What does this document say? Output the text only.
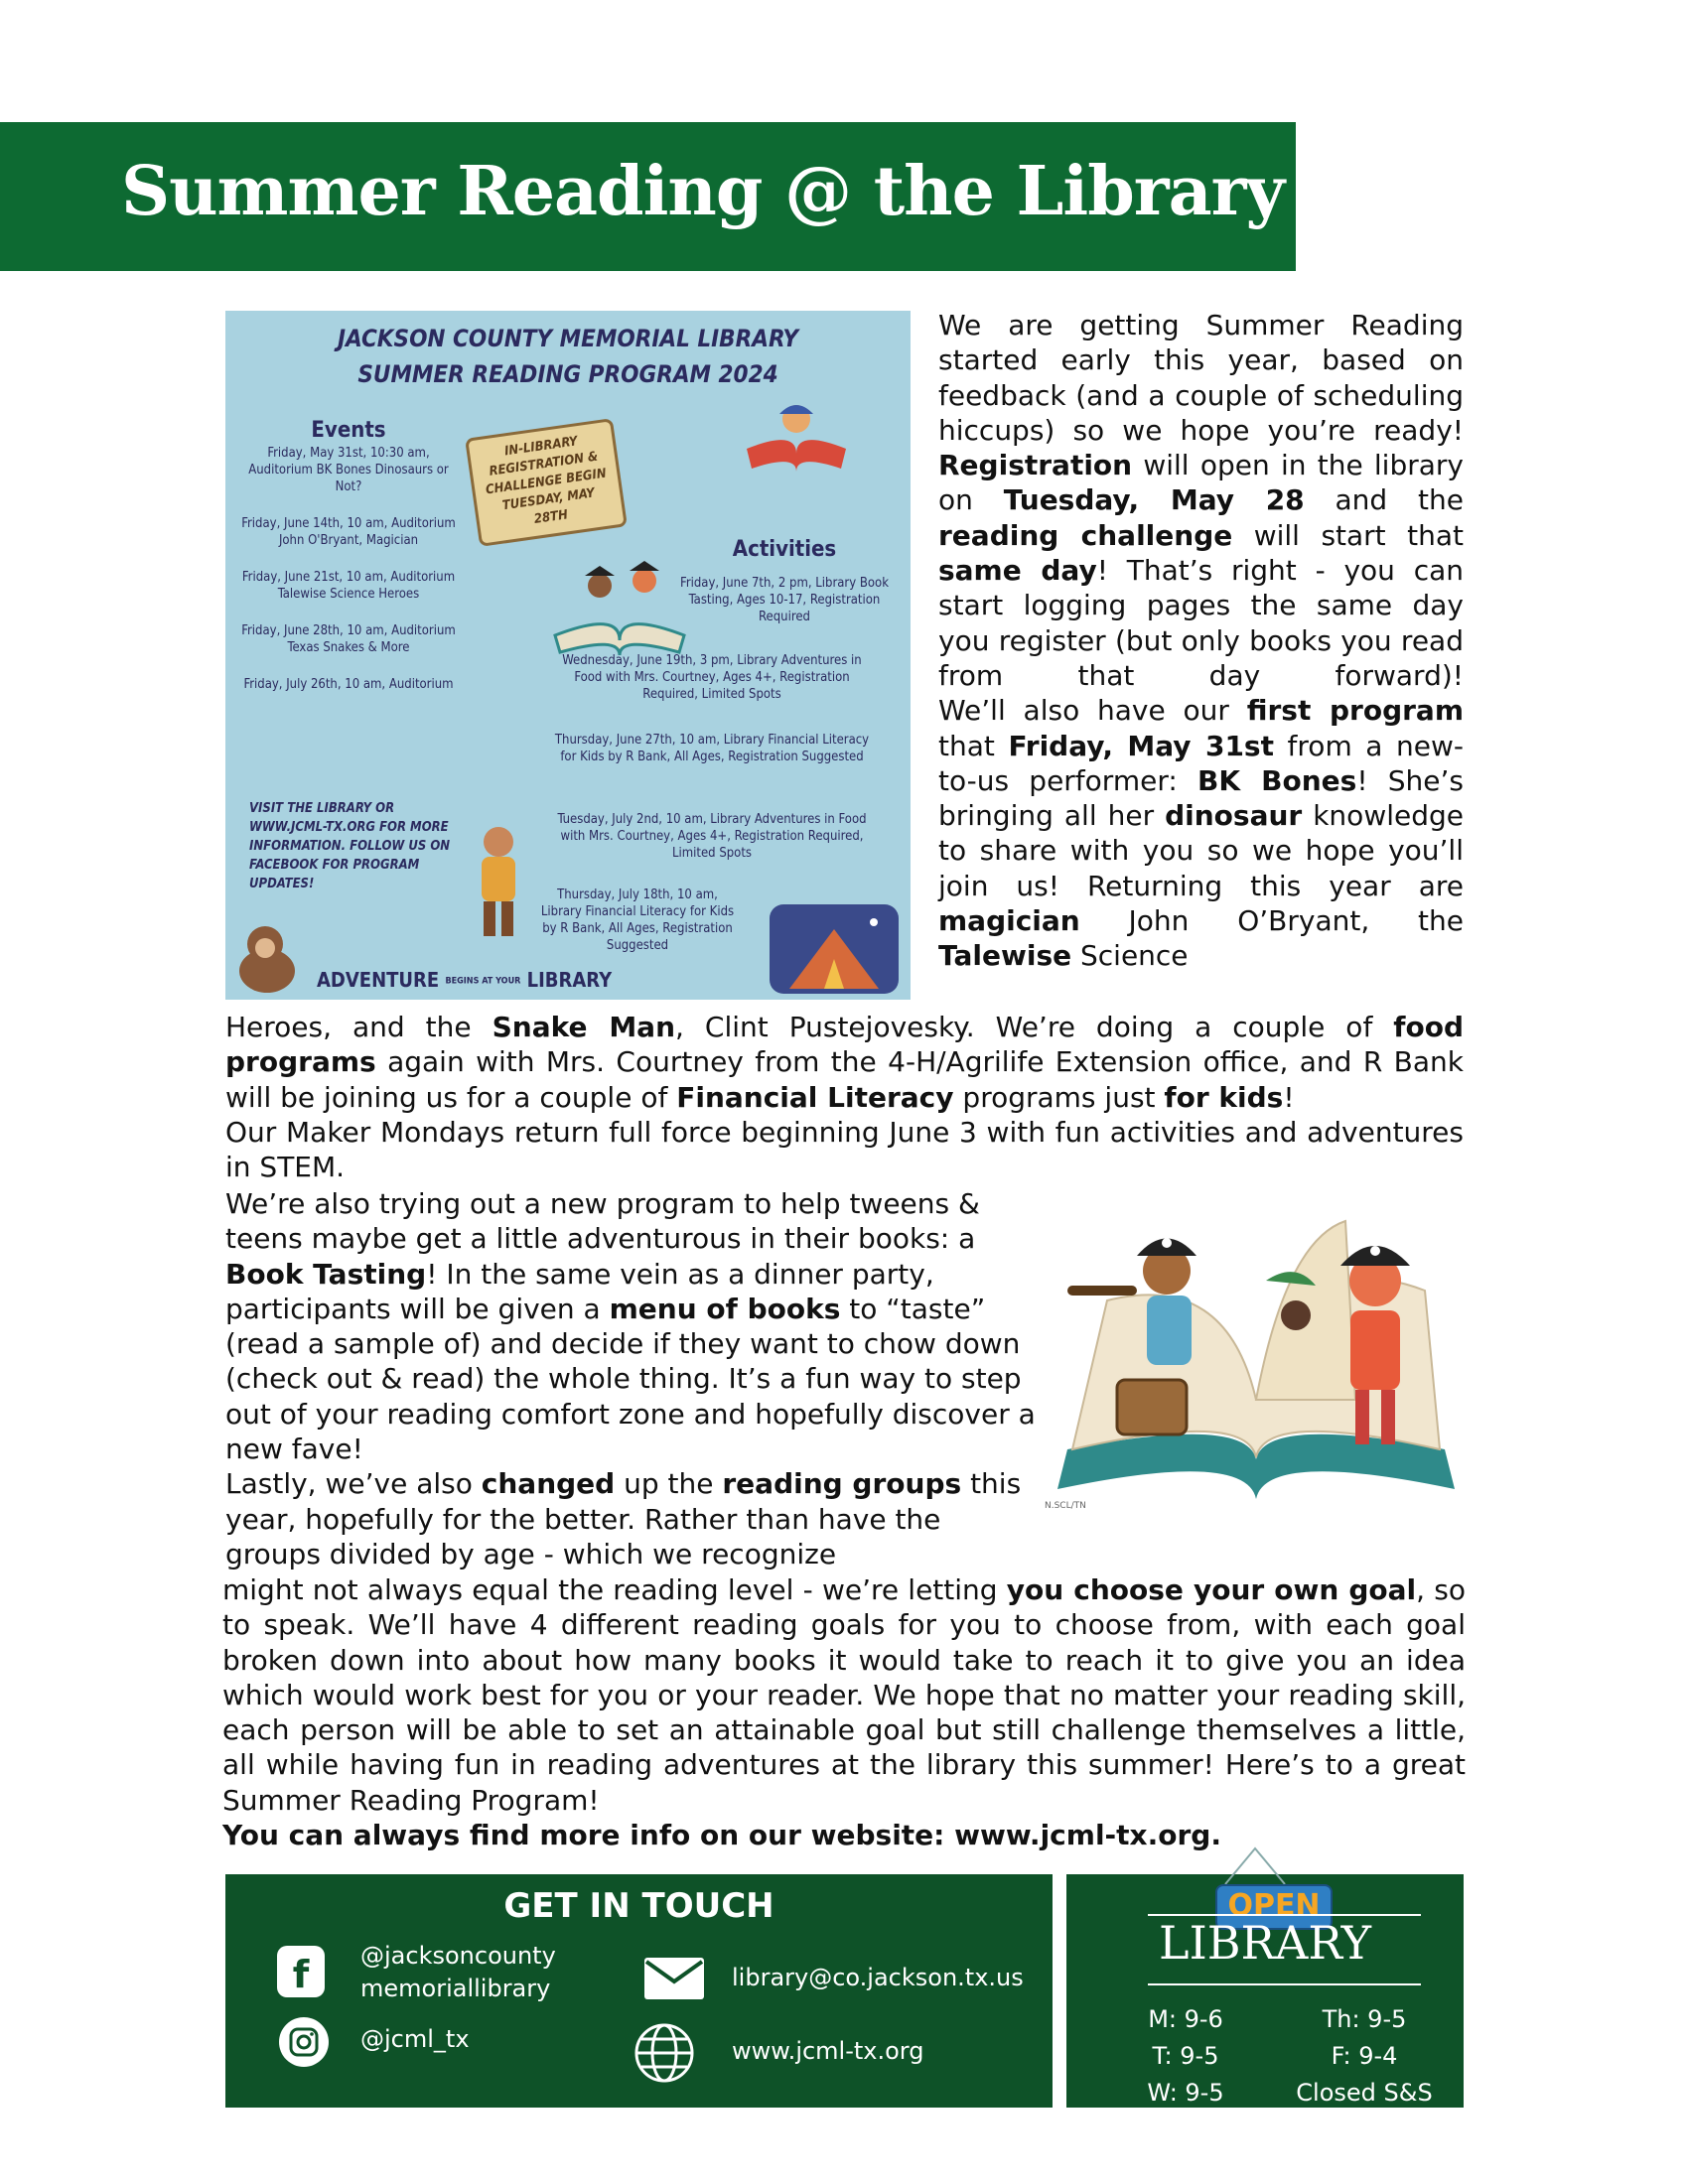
Summer Reading @ the Library
JACKSON COUNTY MEMORIAL LIBRARY
SUMMER READING PROGRAM 2024
Events

Friday, May 31st, 10:30 am, Auditorium BK Bones Dinosaurs or Not?

Friday, June 14th, 10 am, Auditorium John O'Bryant, Magician

Friday, June 21st, 10 am, Auditorium Talewise Science Heroes

Friday, June 28th, 10 am, Auditorium Texas Snakes & More

Friday, July 26th, 10 am, Auditorium

IN-LIBRARY REGISTRATION & CHALLENGE BEGIN TUESDAY, MAY 28TH
Activities
Friday, June 7th, 2 pm, Library Book Tasting, Ages 10-17, Registration Required
Wednesday, June 19th, 3 pm, Library Adventures in Food with Mrs. Courtney, Ages 4+, Registration Required, Limited Spots
Thursday, June 27th, 10 am, Library Financial Literacy for Kids by R Bank, All Ages, Registration Suggested
Tuesday, July 2nd, 10 am, Library Adventures in Food with Mrs. Courtney, Ages 4+, Registration Required, Limited Spots
Thursday, July 18th, 10 am, Library Financial Literacy for Kids by R Bank, All Ages, Registration Suggested
VISIT THE LIBRARY OR WWW.JCML-TX.ORG FOR MORE INFORMATION. FOLLOW US ON FACEBOOK FOR PROGRAM UPDATES!
ADVENTURE BEGINS AT YOUR LIBRARY

We are getting Summer Reading started early this year, based on feedback (and a couple of scheduling hiccups) so we hope you’re ready!

Registration will open in the library on Tuesday, May 28 and the reading challenge will start that same day! That’s right - you can start logging pages the same day you register (but only books you read from that day forward)!

We’ll also have our first program that Friday, May 31st from a new-to-us performer: BK Bones! She’s bringing all her dinosaur knowledge to share with you so we hope you’ll join us! Returning this year are magician John O’Bryant, the Talewise Science

Heroes, and the Snake Man, Clint Pustejovesky. We’re doing a couple of food programs again with Mrs. Courtney from the 4-H/Agrilife Extension office, and R Bank will be joining us for a couple of Financial Literacy programs just for kids!

Our Maker Mondays return full force beginning June 3 with fun activities and adventures in STEM.

We’re also trying out a new program to help tweens & teens maybe get a little adventurous in their books: a Book Tasting! In the same vein as a dinner party, participants will be given a menu of books to “taste” (read a sample of) and decide if they want to chow down (check out & read) the whole thing. It’s a fun way to step out of your reading comfort zone and hopefully discover a new fave!

Lastly, we’ve also changed up the reading groups this year, hopefully for the better. Rather than have the groups divided by age - which we recognize

N.SCL/TN

might not always equal the reading level - we’re letting you choose your own goal, so to speak. We’ll have 4 different reading goals for you to choose from, with each goal broken down into about how many books it would take to reach it to give you an idea which would work best for you or your reader. We hope that no matter your reading skill, each person will be able to set an attainable goal but still challenge themselves a little, all while having fun in reading adventures at the library this summer! Here’s to a great Summer Reading Program!

You can always find more info on our website: www.jcml-tx.org.

GET IN TOUCH
f @jacksoncounty
memoriallibrary
@jcml_tx
library@co.jackson.tx.us
www.jcml-tx.org
OPEN
LIBRARY
M: 9-6
T: 9-5
W: 9-5
Th: 9-5
F: 9-4
Closed S&S
